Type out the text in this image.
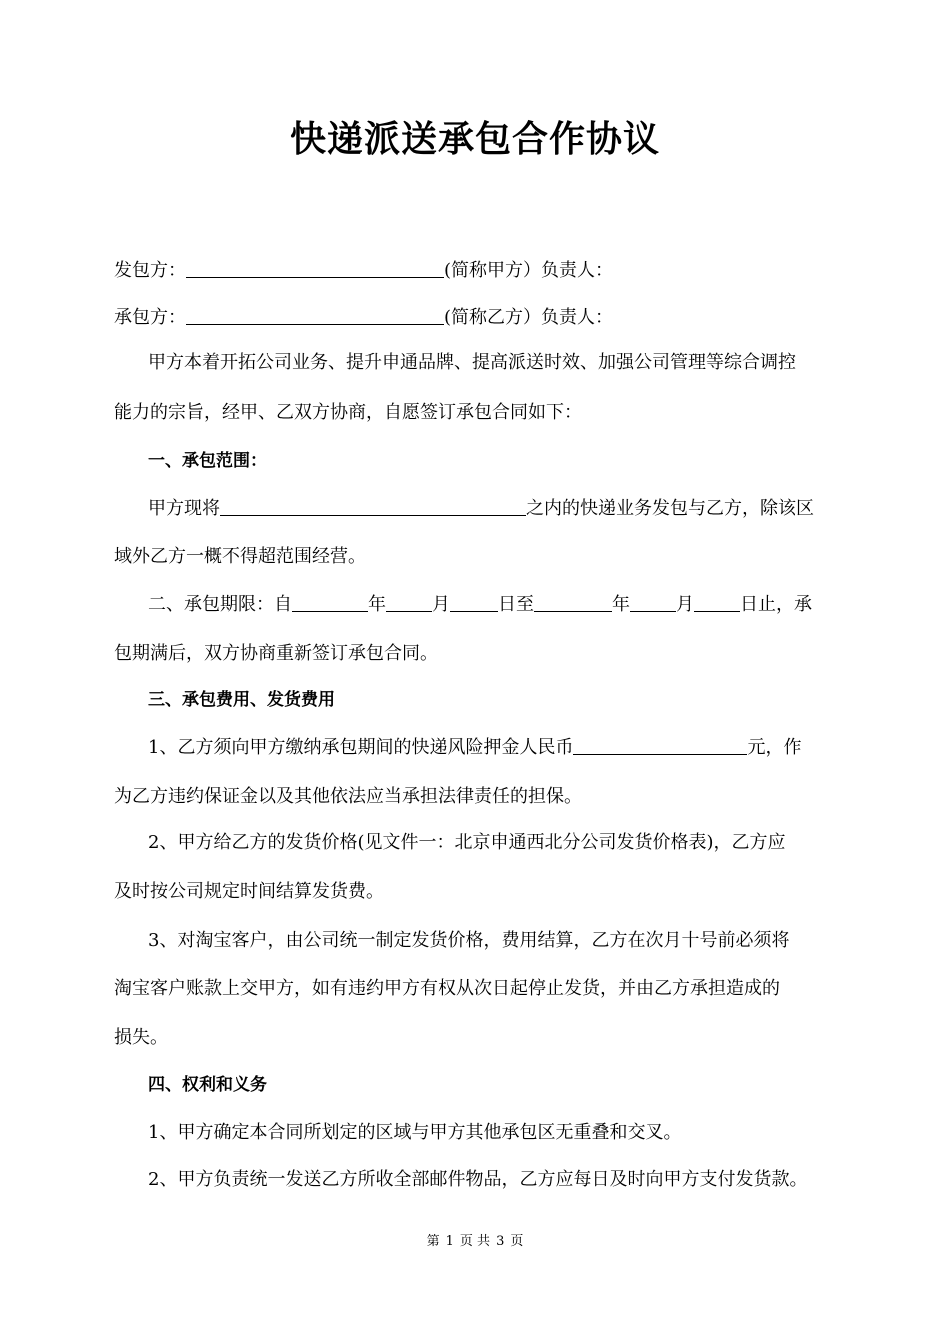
快递派送承包合作协议
发包方：	(简称甲方）负责人：
承包方：	(简称乙方）负责人：
甲方本着开拓公司业务、提升申通品牌、提高派送时效、加强公司管理等综合调控
能力的宗旨，经甲、乙双方协商，自愿签订承包合同如下：
一、承包范围：
甲方现将	之内的快递业务发包与乙方，除该区
域外乙方一概不得超范围经营。
二、承包期限：自	年	月	日至	年	月	日止，承
包期满后，双方协商重新签订承包合同。
三、承包费用、发货费用
1、乙方须向甲方缴纳承包期间的快递风险押金人民币	元，作
为乙方违约保证金以及其他依法应当承担法律责任的担保。
2、甲方给乙方的发货价格(见文件一：北京申通西北分公司发货价格表)，乙方应
及时按公司规定时间结算发货费。
3、对淘宝客户，由公司统一制定发货价格，费用结算，乙方在次月十号前必须将
淘宝客户账款上交甲方，如有违约甲方有权从次日起停止发货，并由乙方承担造成的
损失。
四、权利和义务
1、甲方确定本合同所划定的区域与甲方其他承包区无重叠和交叉。
2、甲方负责统一发送乙方所收全部邮件物品，乙方应每日及时向甲方支付发货款。
第 1 页 共 3 页
